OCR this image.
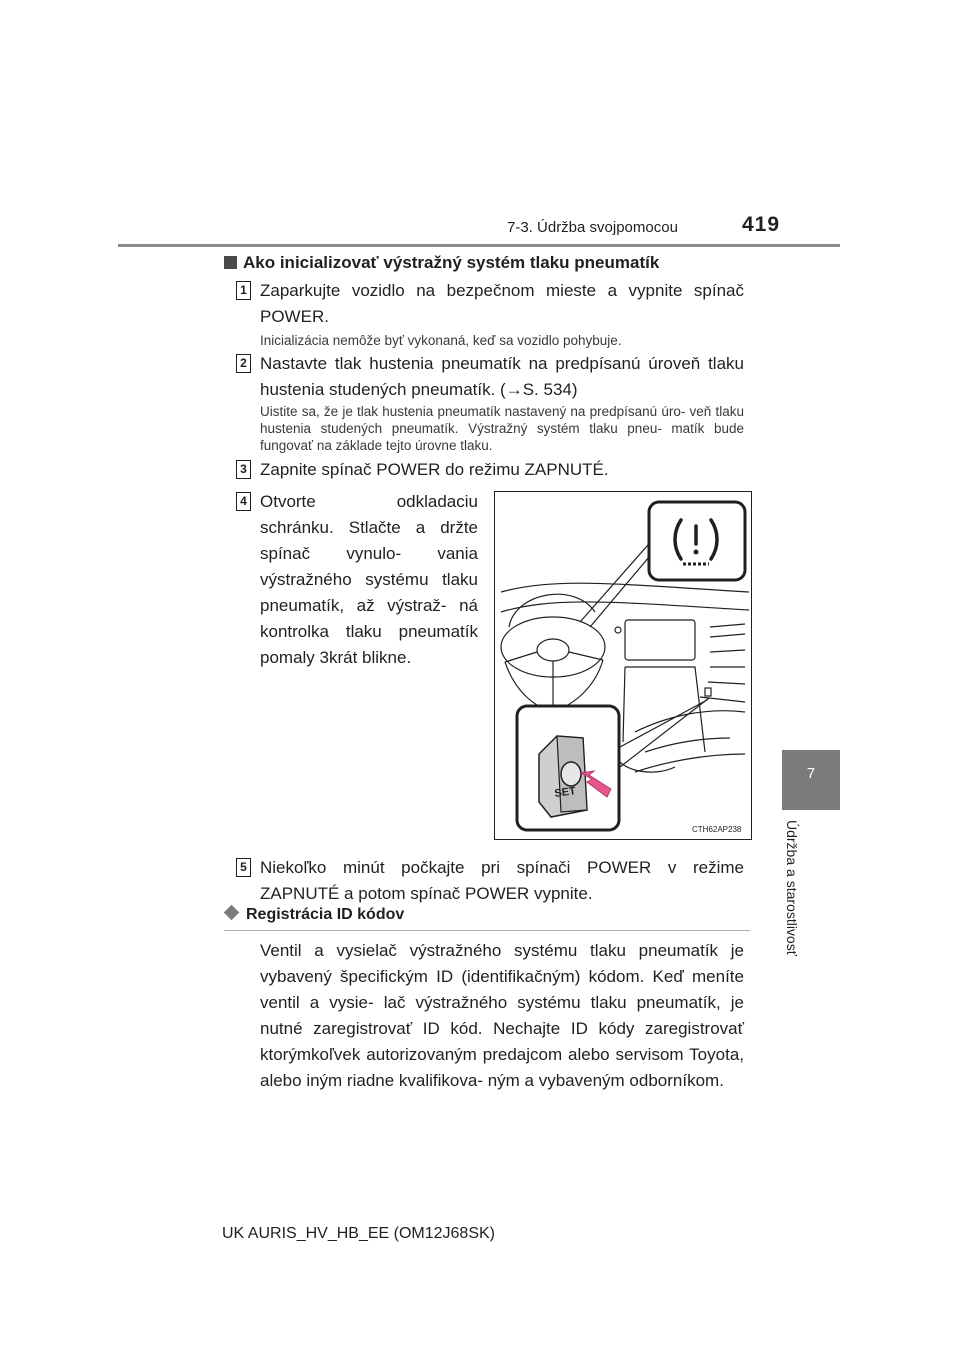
7-3. Údržba svojpomocou	419
7
Údržba a starostlivosť
Ako inicializovať výstražný systém tlaku pneumatík
1 Zaparkujte vozidlo na bezpečnom mieste a vypnite spínač POWER.
Inicializácia nemôže byť vykonaná, keď sa vozidlo pohybuje.
2 Nastavte tlak hustenia pneumatík na predpísanú úroveň tlaku hustenia studených pneumatík. (→S. 534)
Uistite sa, že je tlak hustenia pneumatík nastavený na predpísanú úro- veň tlaku hustenia studených pneumatík. Výstražný systém tlaku pneu- matík bude fungovať na základe tejto úrovne tlaku.
3 Zapnite spínač POWER do režimu ZAPNUTÉ.
4 Otvorte odkladaciu schránku. Stlačte a držte spínač vynulo- vania výstražného systému tlaku pneumatík, až výstraž- ná kontrolka tlaku pneumatík pomaly 3krát blikne.
SET
CTH62AP238
5 Niekoľko minút počkajte pri spínači POWER v režime ZAPNUTÉ a potom spínač POWER vypnite.
Registrácia ID kódov
Ventil a vysielač výstražného systému tlaku pneumatík je vybavený špecifickým ID (identifikačným) kódom. Keď meníte ventil a vysie- lač výstražného systému tlaku pneumatík, je nutné zaregistrovať ID kód. Nechajte ID kódy zaregistrovať ktorýmkoľvek autorizovaným predajcom alebo servisom Toyota, alebo iným riadne kvalifikova- ným a vybaveným odborníkom.
UK AURIS_HV_HB_EE (OM12J68SK)
